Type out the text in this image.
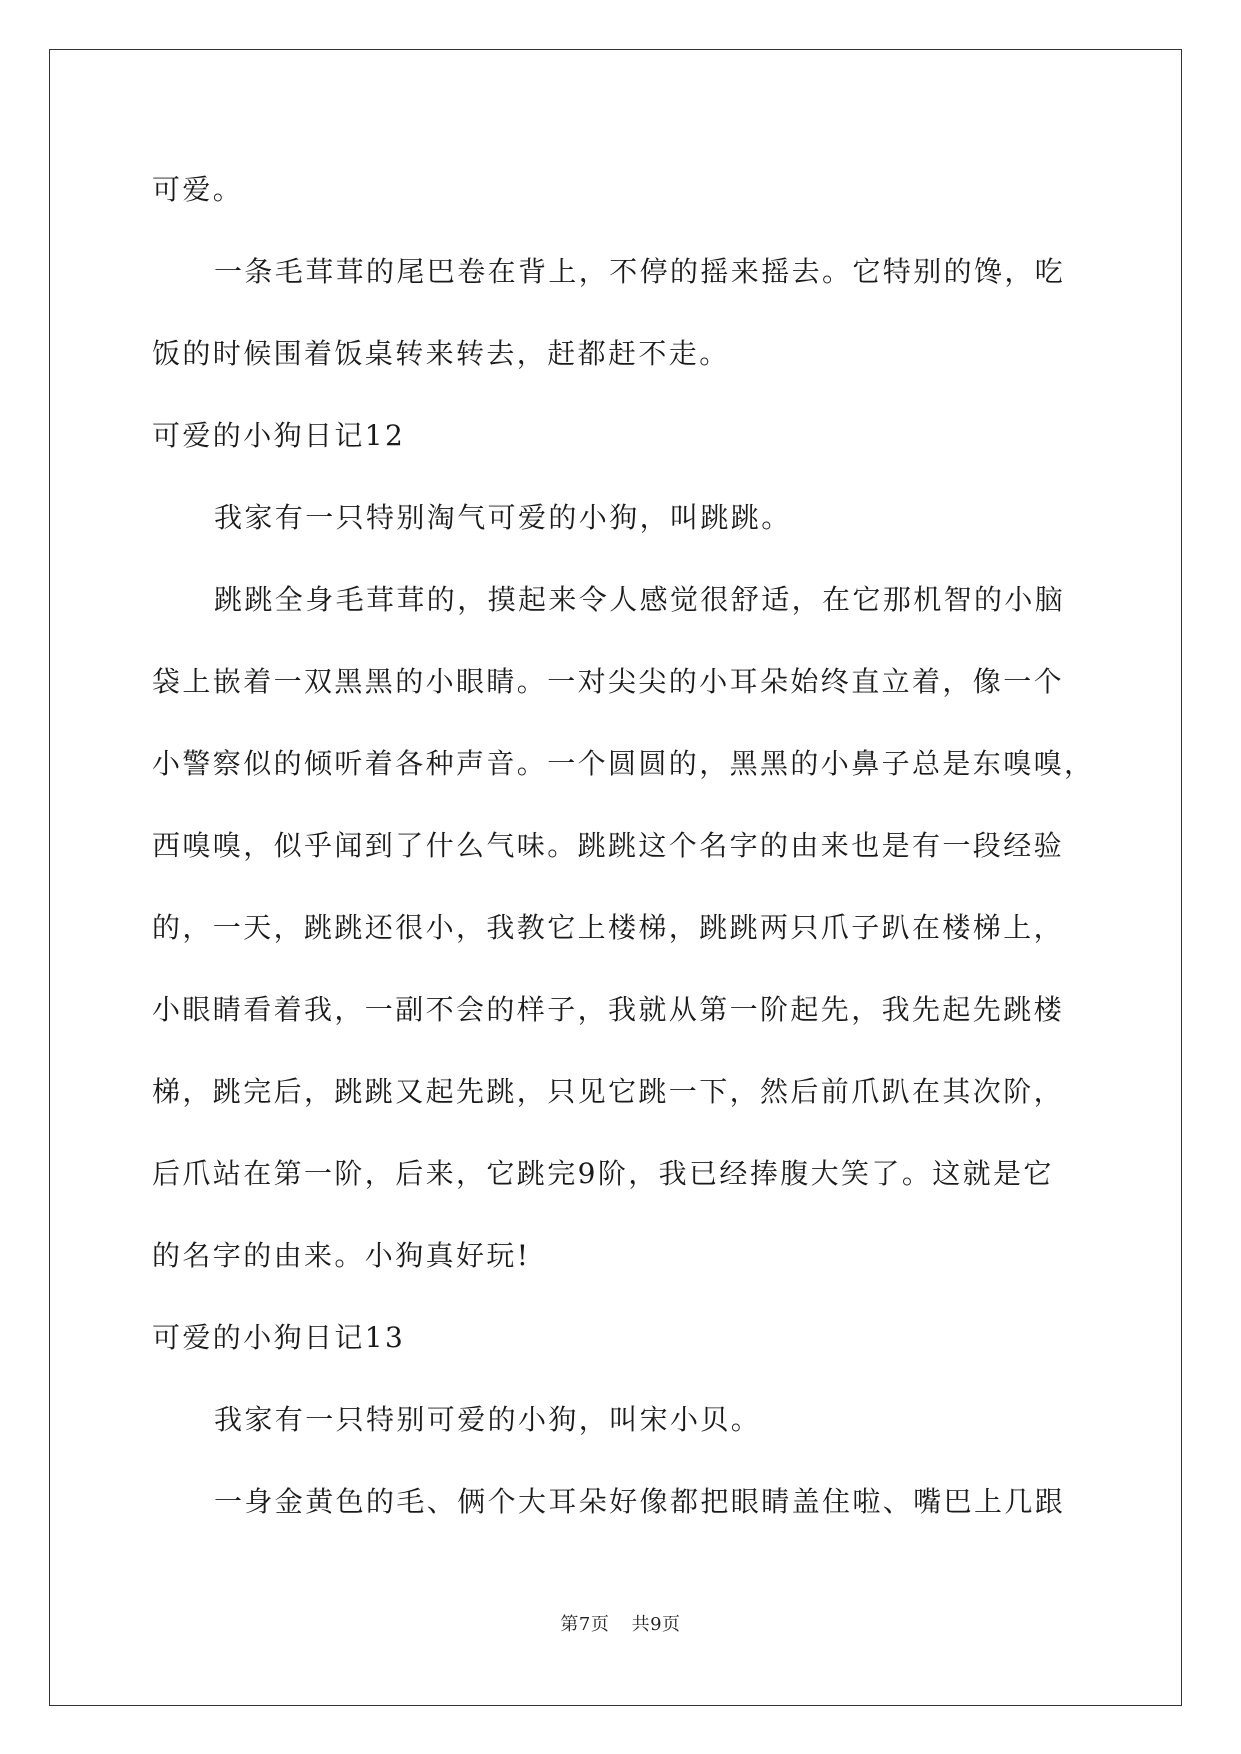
可爱。
一条毛茸茸的尾巴卷在背上，不停的摇来摇去。它特别的馋，吃
饭的时候围着饭桌转来转去，赶都赶不走。
可爱的小狗日记12
我家有一只特别淘气可爱的小狗，叫跳跳。
跳跳全身毛茸茸的，摸起来令人感觉很舒适，在它那机智的小脑
袋上嵌着一双黑黑的小眼睛。一对尖尖的小耳朵始终直立着，像一个
小警察似的倾听着各种声音。一个圆圆的，黑黑的小鼻子总是东嗅嗅，
西嗅嗅，似乎闻到了什么气味。跳跳这个名字的由来也是有一段经验
的，一天，跳跳还很小，我教它上楼梯，跳跳两只爪子趴在楼梯上，
小眼睛看着我，一副不会的样子，我就从第一阶起先，我先起先跳楼
梯，跳完后，跳跳又起先跳，只见它跳一下，然后前爪趴在其次阶，
后爪站在第一阶，后来，它跳完9阶，我已经捧腹大笑了。这就是它
的名字的由来。小狗真好玩!
可爱的小狗日记13
我家有一只特别可爱的小狗，叫宋小贝。
一身金黄色的毛、俩个大耳朵好像都把眼睛盖住啦、嘴巴上几跟
第7页 共9页
